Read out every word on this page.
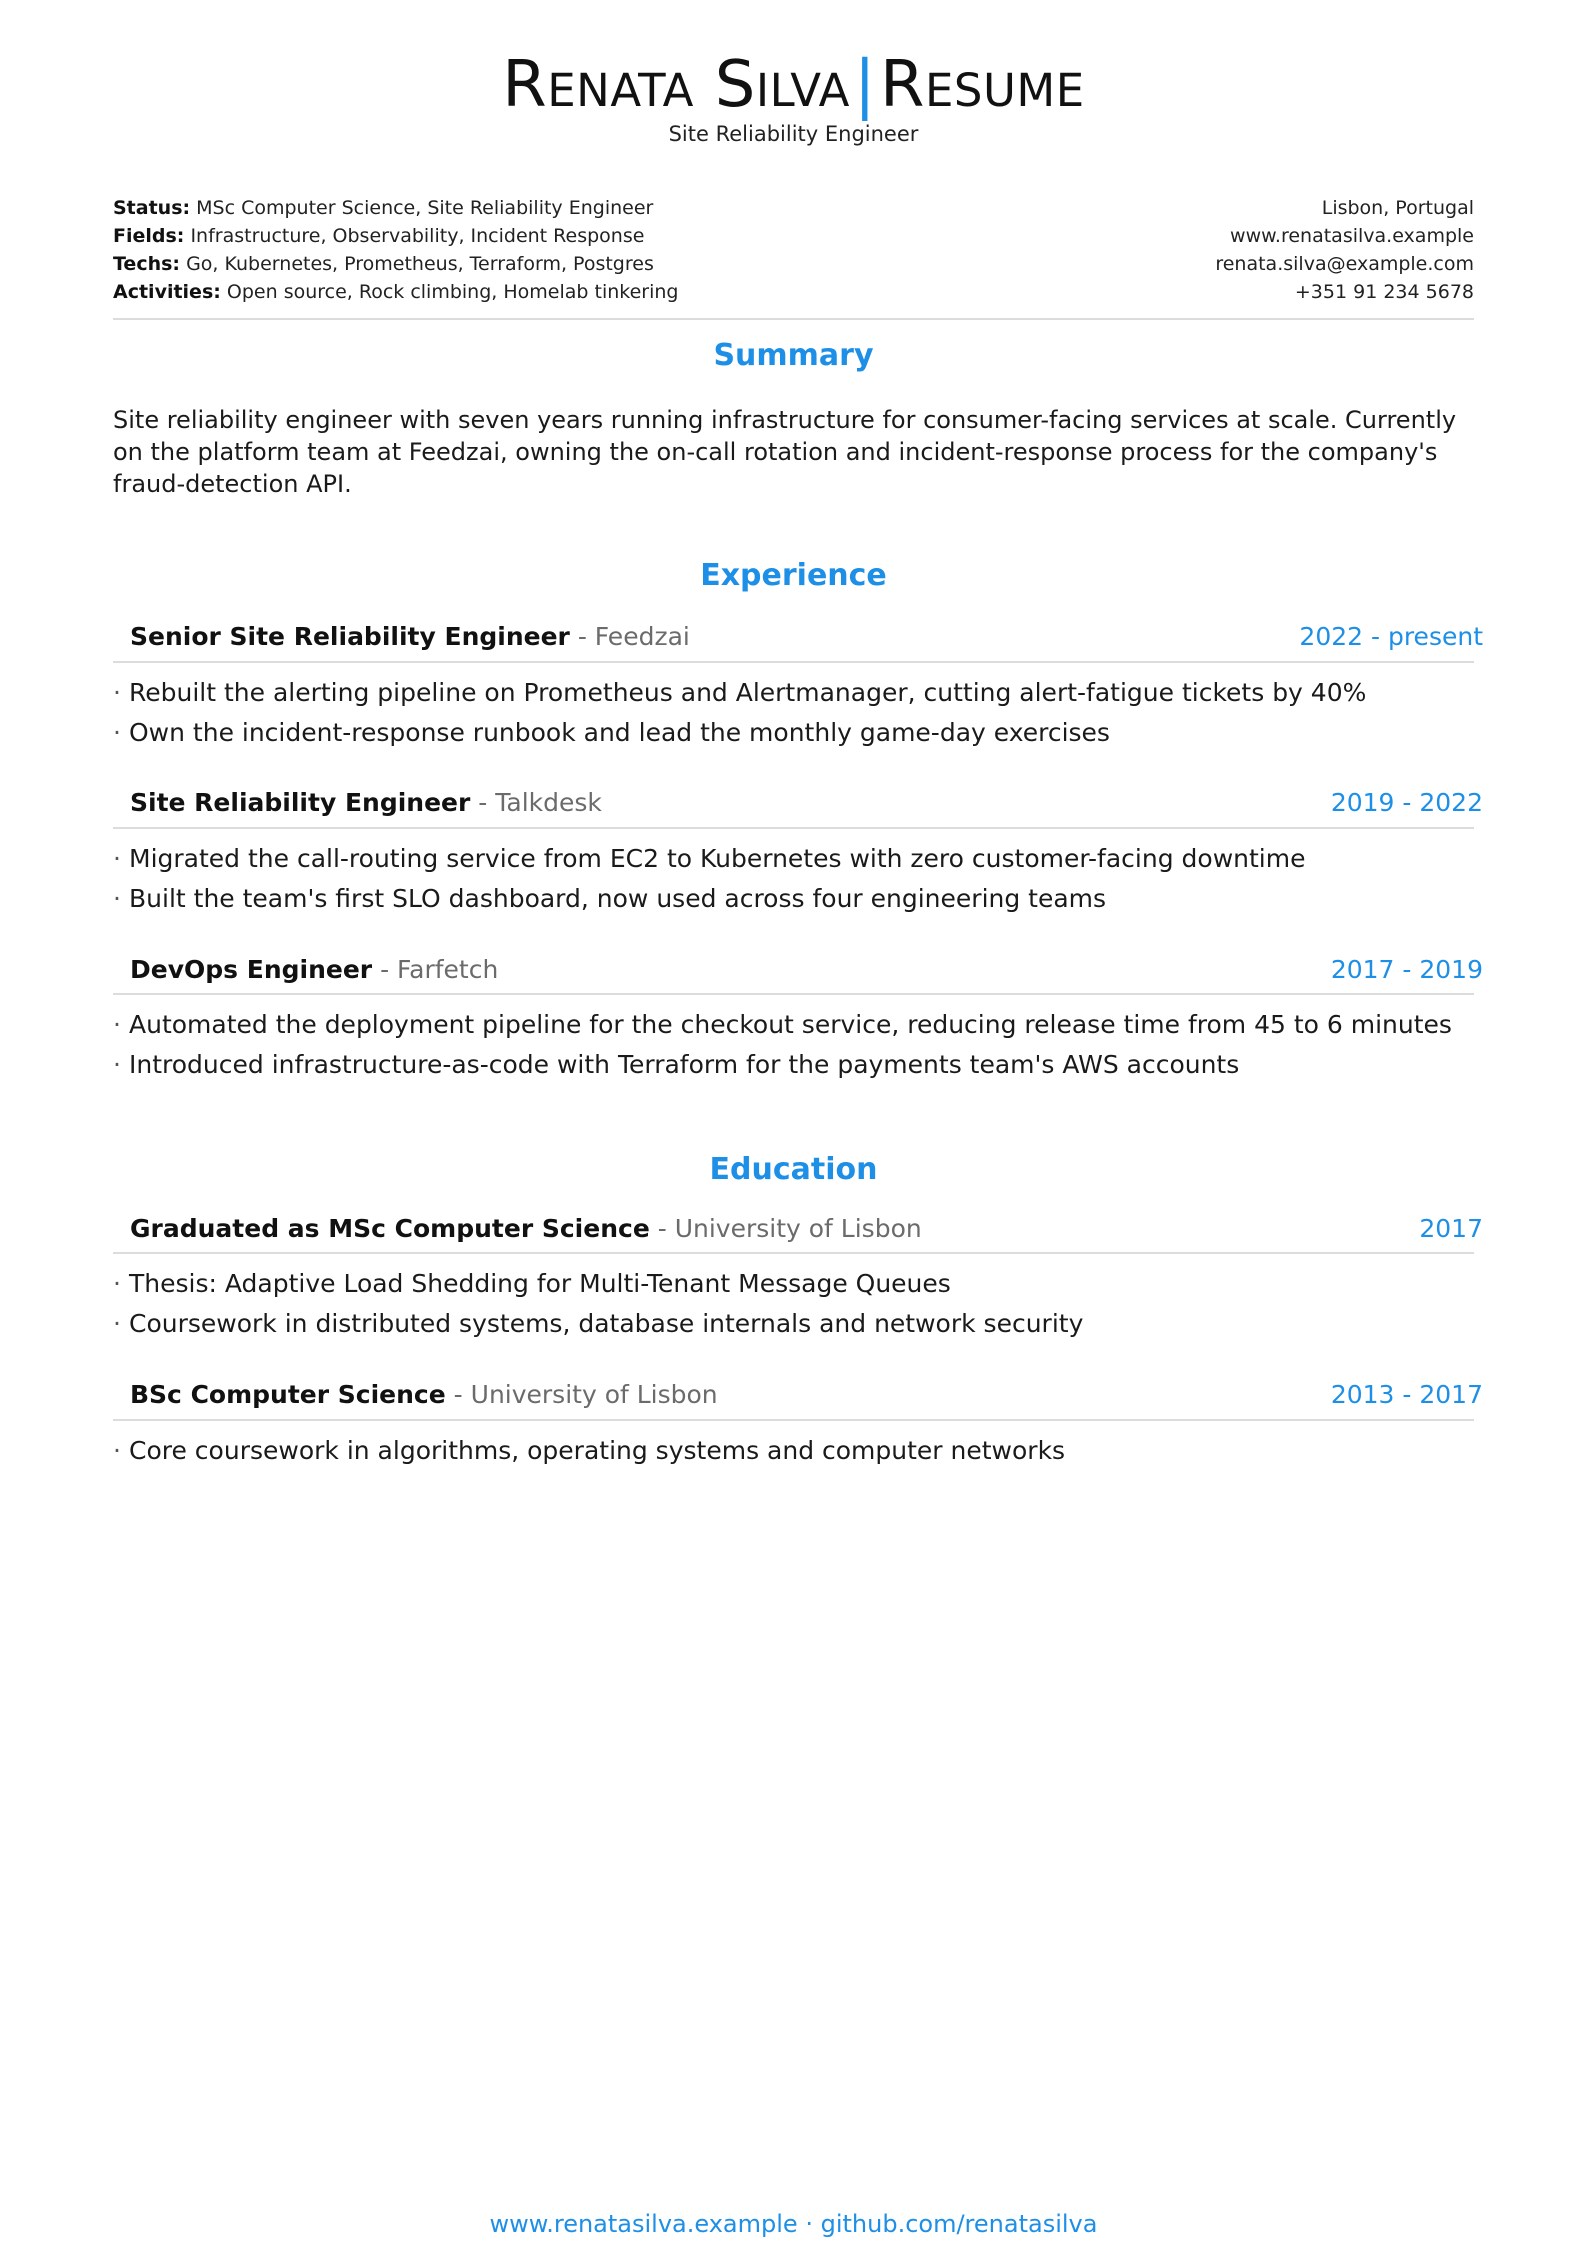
Renata Silva|Resume
Site Reliability Engineer
Status: MSc Computer Science, Site Reliability Engineer
Fields: Infrastructure, Observability, Incident Response
Techs: Go, Kubernetes, Prometheus, Terraform, Postgres
Activities: Open source, Rock climbing, Homelab tinkering
Lisbon, Portugal
www.renatasilva.example
renata.silva@example.com
+351 91 234 5678
Summary
Site reliability engineer with seven years running infrastructure for consumer-facing services at scale. Currently on the platform team at Feedzai, owning the on-call rotation and incident-response process for the company's fraud-detection API.
Experience
Senior Site Reliability Engineer - Feedzai	2022 - present
· Rebuilt the alerting pipeline on Prometheus and Alertmanager, cutting alert-fatigue tickets by 40%
· Own the incident-response runbook and lead the monthly game-day exercises
Site Reliability Engineer - Talkdesk	2019 - 2022
· Migrated the call-routing service from EC2 to Kubernetes with zero customer-facing downtime
· Built the team's first SLO dashboard, now used across four engineering teams
DevOps Engineer - Farfetch	2017 - 2019
· Automated the deployment pipeline for the checkout service, reducing release time from 45 to 6 minutes
· Introduced infrastructure-as-code with Terraform for the payments team's AWS accounts
Education
Graduated as MSc Computer Science - University of Lisbon	2017
· Thesis: Adaptive Load Shedding for Multi-Tenant Message Queues
· Coursework in distributed systems, database internals and network security
BSc Computer Science - University of Lisbon	2013 - 2017
· Core coursework in algorithms, operating systems and computer networks
www.renatasilva.example · github.com/renatasilva
